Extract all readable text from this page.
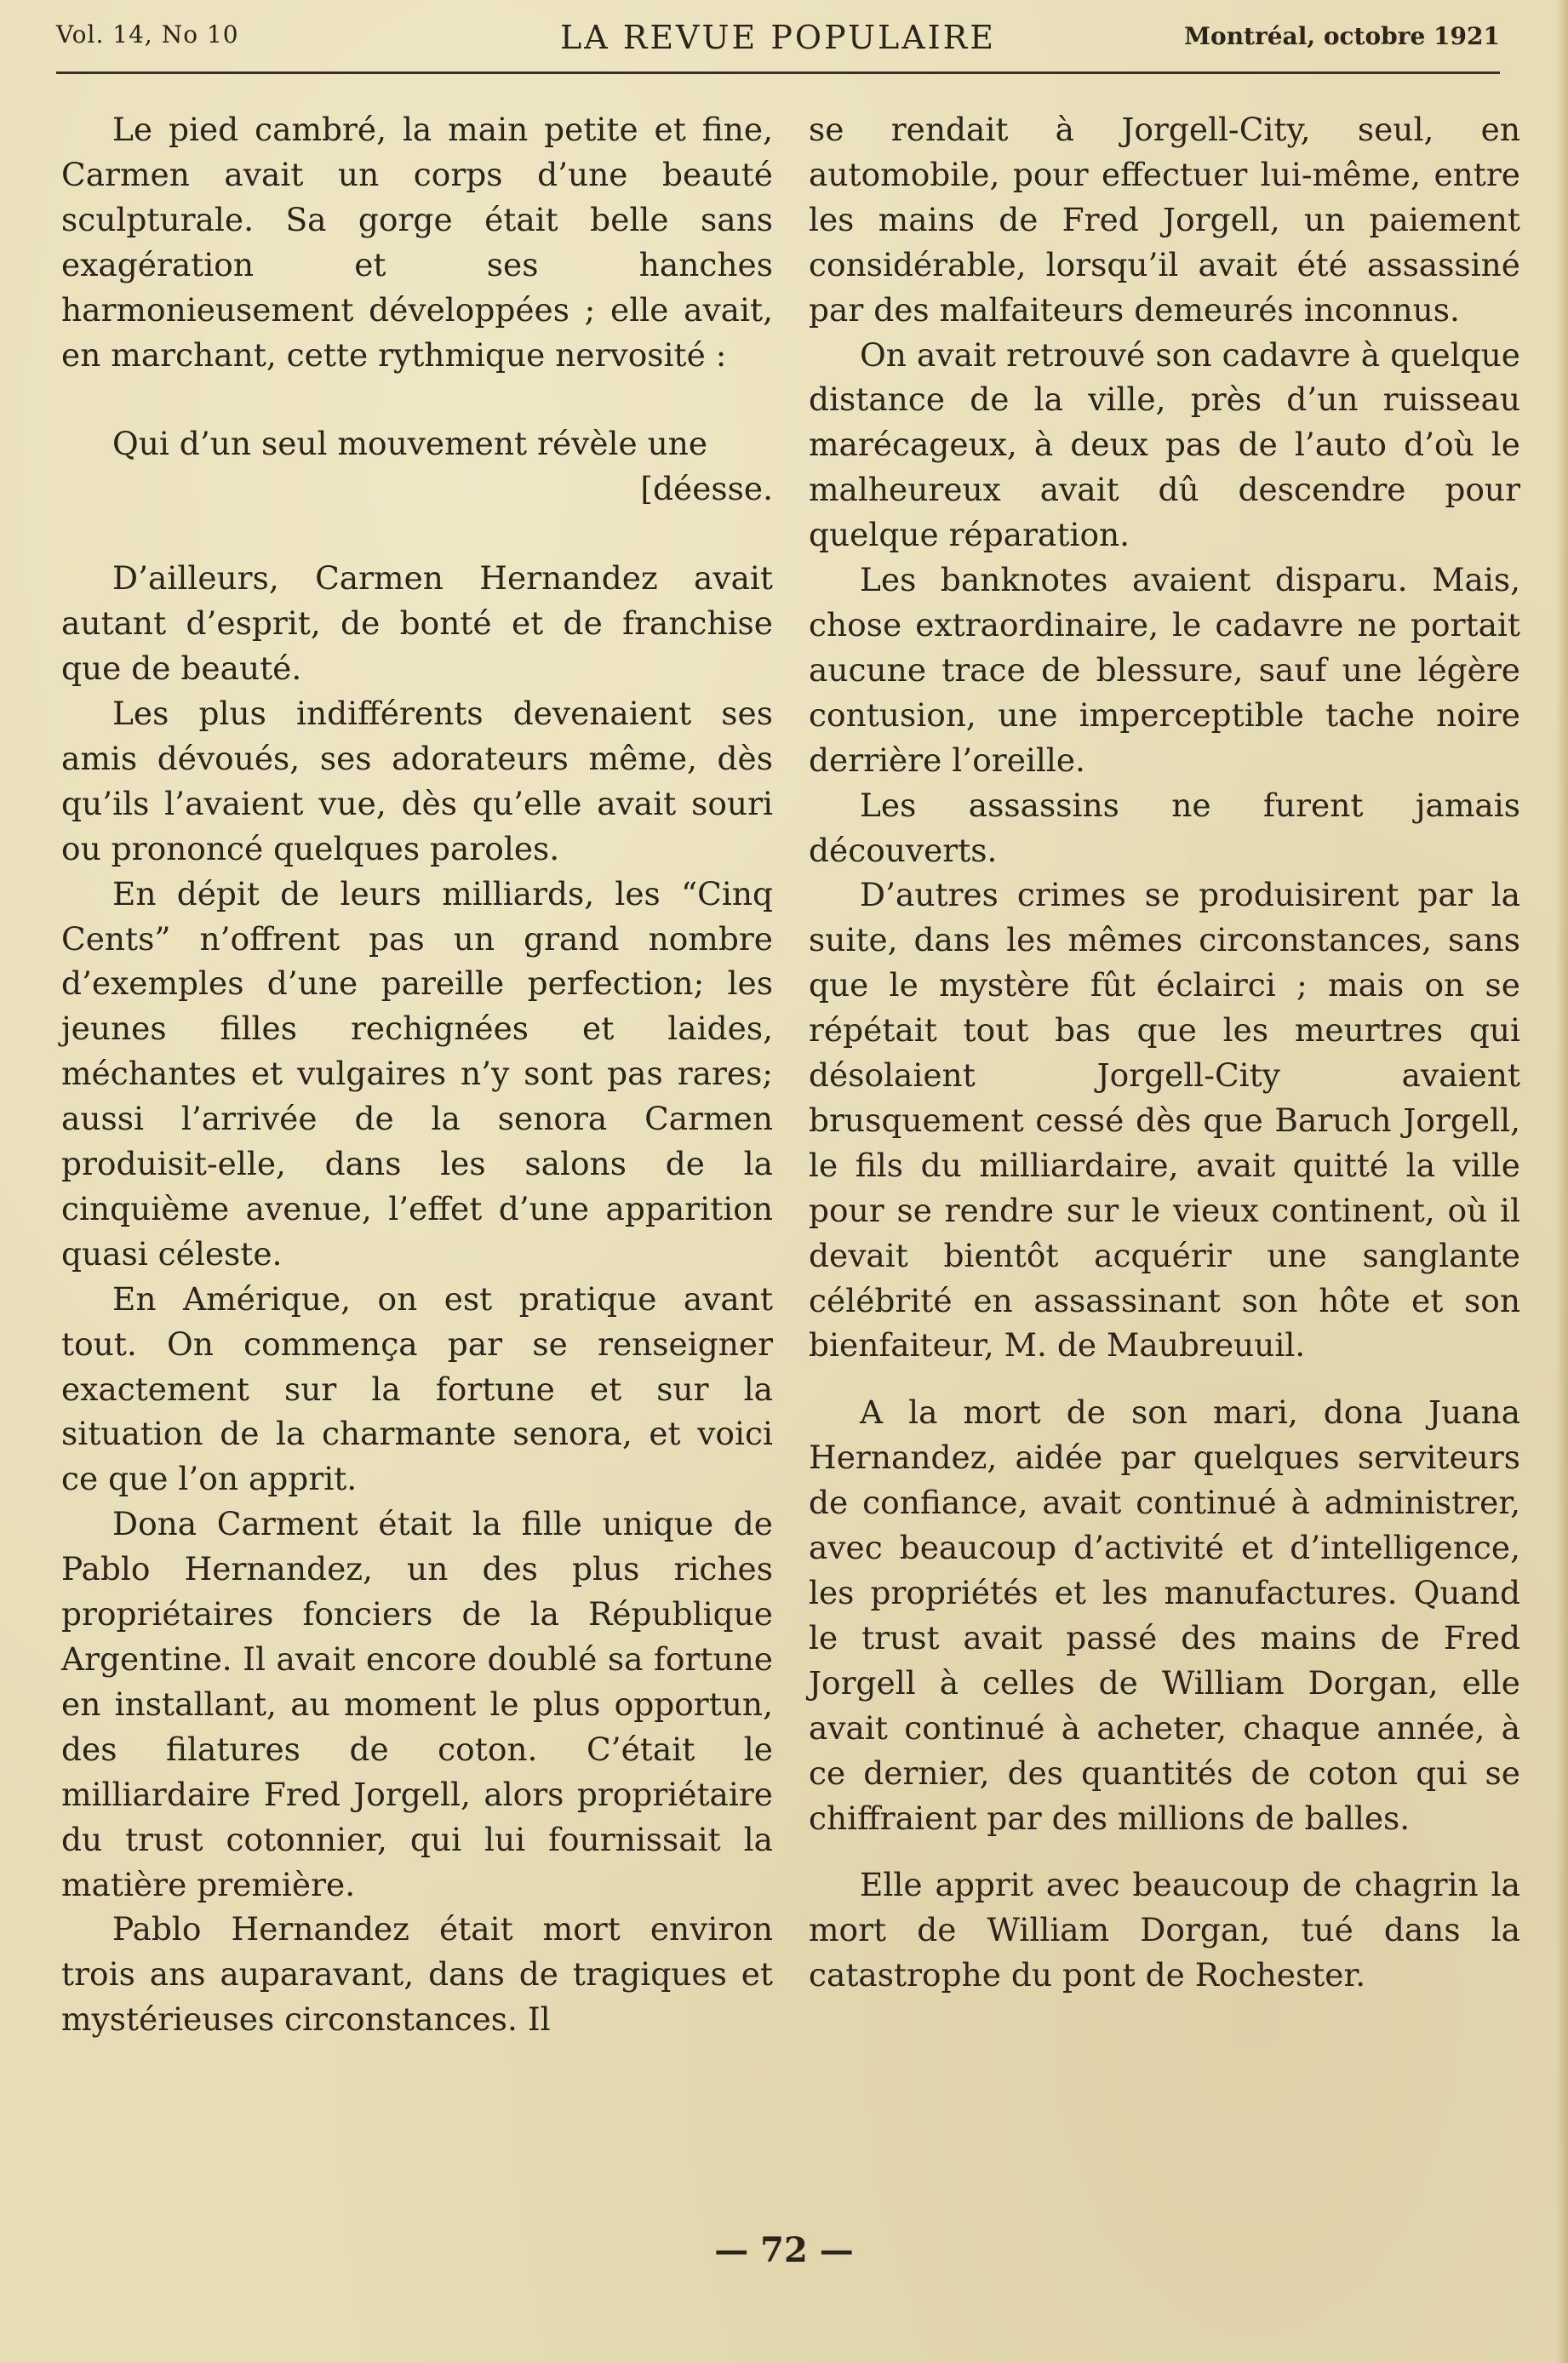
Vol. 14, No 10	LA REVUE POPULAIRE	Montréal, octobre 1921

Le pied cambré, la main petite et fine, Carmen avait un corps d’une beauté sculpturale. Sa gorge était belle sans exagération et ses hanches harmonieusement développées ; elle avait, en marchant, cette rythmique nervosité :

Qui d’un seul mouvement révèle une

[déesse.

D’ailleurs, Carmen Hernandez avait autant d’esprit, de bonté et de franchise que de beauté.

Les plus indifférents devenaient ses amis dévoués, ses adorateurs même, dès qu’ils l’avaient vue, dès qu’elle avait souri ou prononcé quelques paroles.

En dépit de leurs milliards, les “Cinq Cents” n’offrent pas un grand nombre d’exemples d’une pareille perfection; les jeunes filles rechignées et laides, méchantes et vulgaires n’y sont pas rares; aussi l’arrivée de la senora Carmen produisit-elle, dans les salons de la cinquième avenue, l’effet d’une apparition quasi céleste.

En Amérique, on est pratique avant tout. On commença par se renseigner exactement sur la fortune et sur la situation de la charmante senora, et voici ce que l’on apprit.

Dona Carment était la fille unique de Pablo Hernandez, un des plus riches propriétaires fonciers de la République Argentine. Il avait encore doublé sa fortune en installant, au moment le plus opportun, des filatures de coton. C’était le milliardaire Fred Jorgell, alors propriétaire du trust cotonnier, qui lui fournissait la matière première.

Pablo Hernandez était mort environ trois ans auparavant, dans de tragiques et mystérieuses circonstances. Il

se rendait à Jorgell-City, seul, en automobile, pour effectuer lui-même, entre les mains de Fred Jorgell, un paiement considérable, lorsqu’il avait été assassiné par des malfaiteurs demeurés inconnus.

On avait retrouvé son cadavre à quelque distance de la ville, près d’un ruisseau marécageux, à deux pas de l’auto d’où le malheureux avait dû descendre pour quelque réparation.

Les banknotes avaient disparu. Mais, chose extraordinaire, le cadavre ne portait aucune trace de blessure, sauf une légère contusion, une imperceptible tache noire derrière l’oreille.

Les assassins ne furent jamais découverts.

D’autres crimes se produisirent par la suite, dans les mêmes circonstances, sans que le mystère fût éclairci ; mais on se répétait tout bas que les meurtres qui désolaient Jorgell-City avaient brusquement cessé dès que Baruch Jorgell, le fils du milliardaire, avait quitté la ville pour se rendre sur le vieux continent, où il devait bientôt acquérir une sanglante célébrité en assassinant son hôte et son bienfaiteur, M. de Maubreuuil.

A la mort de son mari, dona Juana Hernandez, aidée par quelques serviteurs de confiance, avait continué à administrer, avec beaucoup d’activité et d’intelligence, les propriétés et les manufactures. Quand le trust avait passé des mains de Fred Jorgell à celles de William Dorgan, elle avait continué à acheter, chaque année, à ce dernier, des quantités de coton qui se chiffraient par des millions de balles.

Elle apprit avec beaucoup de chagrin la mort de William Dorgan, tué dans la catastrophe du pont de Rochester.

— 72 —
